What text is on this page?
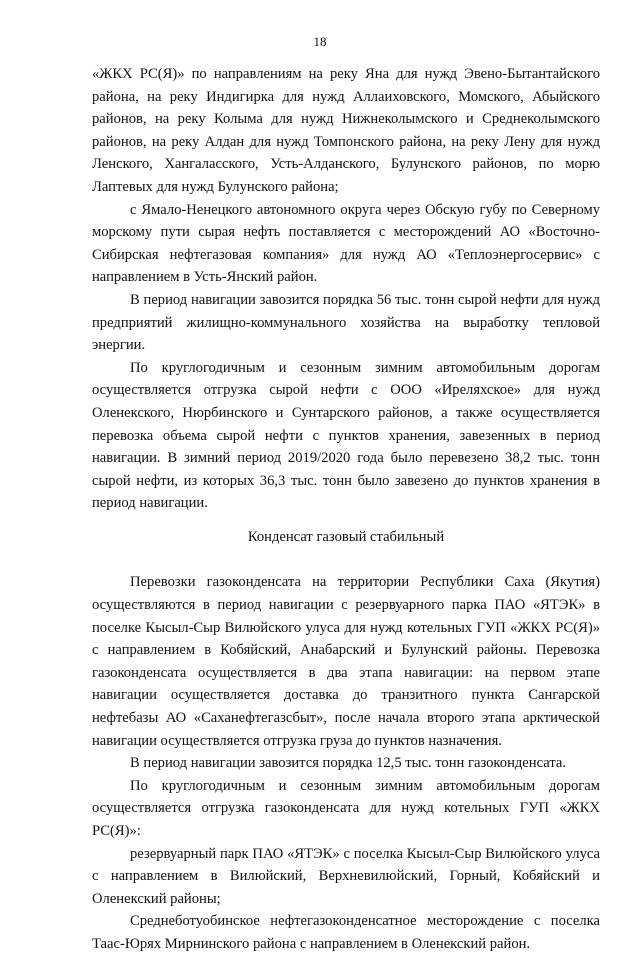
18

«ЖКХ РС(Я)» по направлениям на реку Яна для нужд Эвено-Бытантайского района, на реку Индигирка для нужд Аллаиховского, Момского, Абыйского районов, на реку Колыма для нужд Нижнеколымского и Среднеколымского районов, на реку Алдан для нужд Томпонского района, на реку Лену для нужд Ленского, Хангаласского, Усть-Алданского, Булунского районов, по морю Лаптевых для нужд Булунского района;

с Ямало-Ненецкого автономного округа через Обскую губу по Северному морскому пути сырая нефть поставляется с месторождений АО «Восточно-Сибирская нефтегазовая компания» для нужд АО «Теплоэнергосервис» с направлением в Усть-Янский район.

В период навигации завозится порядка 56 тыс. тонн сырой нефти для нужд предприятий жилищно-коммунального хозяйства на выработку тепловой энергии.

По круглогодичным и сезонным зимним автомобильным дорогам осуществляется отгрузка сырой нефти с ООО «Иреляхское» для нужд Оленекского, Нюрбинского и Сунтарского районов, а также осуществляется перевозка объема сырой нефти с пунктов хранения, завезенных в период навигации. В зимний период 2019/2020 года было перевезено 38,2 тыс. тонн сырой нефти, из которых 36,3 тыс. тонн было завезено до пунктов хранения в период навигации.

Конденсат газовый стабильный

Перевозки газоконденсата на территории Республики Саха (Якутия) осуществляются в период навигации с резервуарного парка ПАО «ЯТЭК» в поселке Кысыл-Сыр Вилюйского улуса для нужд котельных ГУП «ЖКХ РС(Я)» с направлением в Кобяйский, Анабарский и Булунский районы. Перевозка газоконденсата осуществляется в два этапа навигации: на первом этапе навигации осуществляется доставка до транзитного пункта Сангарской нефтебазы АО «Саханефтегазсбыт», после начала второго этапа арктической навигации осуществляется отгрузка груза до пунктов назначения.

В период навигации завозится порядка 12,5 тыс. тонн газоконденсата.

По круглогодичным и сезонным зимним автомобильным дорогам осуществляется отгрузка газоконденсата для нужд котельных ГУП «ЖКХ РС(Я)»:

резервуарный парк ПАО «ЯТЭК» с поселка Кысыл-Сыр Вилюйского улуса с направлением в Вилюйский, Верхневилюйский, Горный, Кобяйский и Оленекский районы;

Среднеботуобинское нефтегазоконденсатное месторождение с поселка Таас-Юрях Мирнинского района с направлением в Оленекский район.
